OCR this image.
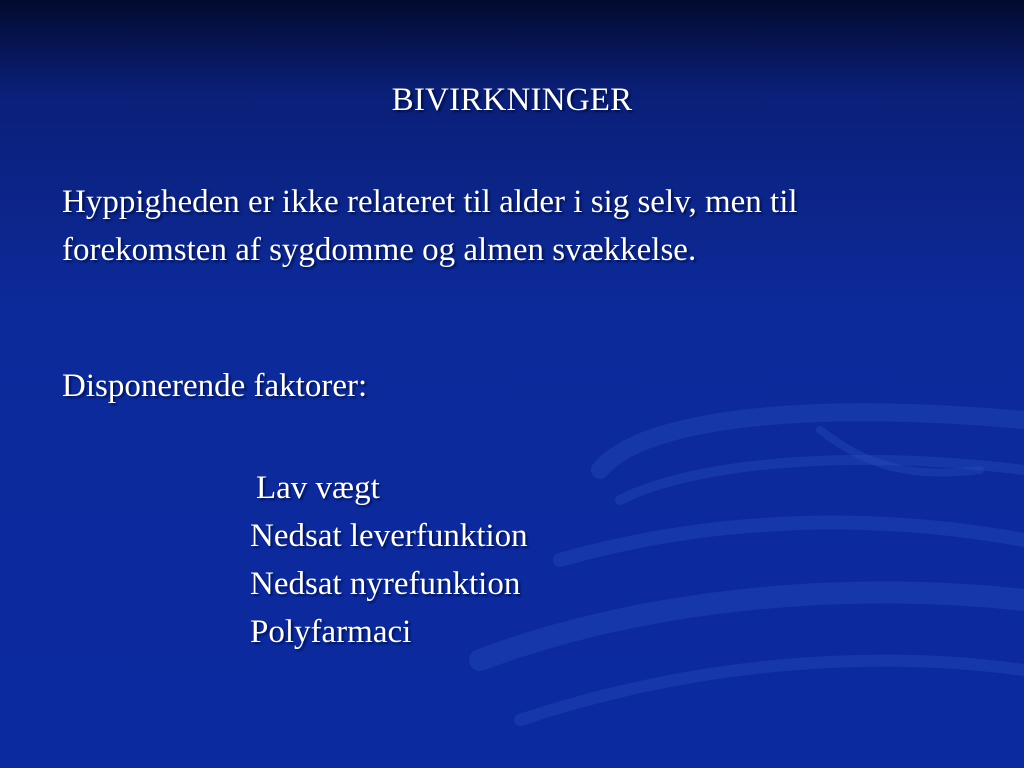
BIVIRKNINGER
Hyppigheden er ikke relateret til alder i sig selv, men til
forekomsten af sygdomme og almen svækkelse.
Disponerende faktorer:
Lav vægt
Nedsat leverfunktion
Nedsat nyrefunktion
Polyfarmaci
